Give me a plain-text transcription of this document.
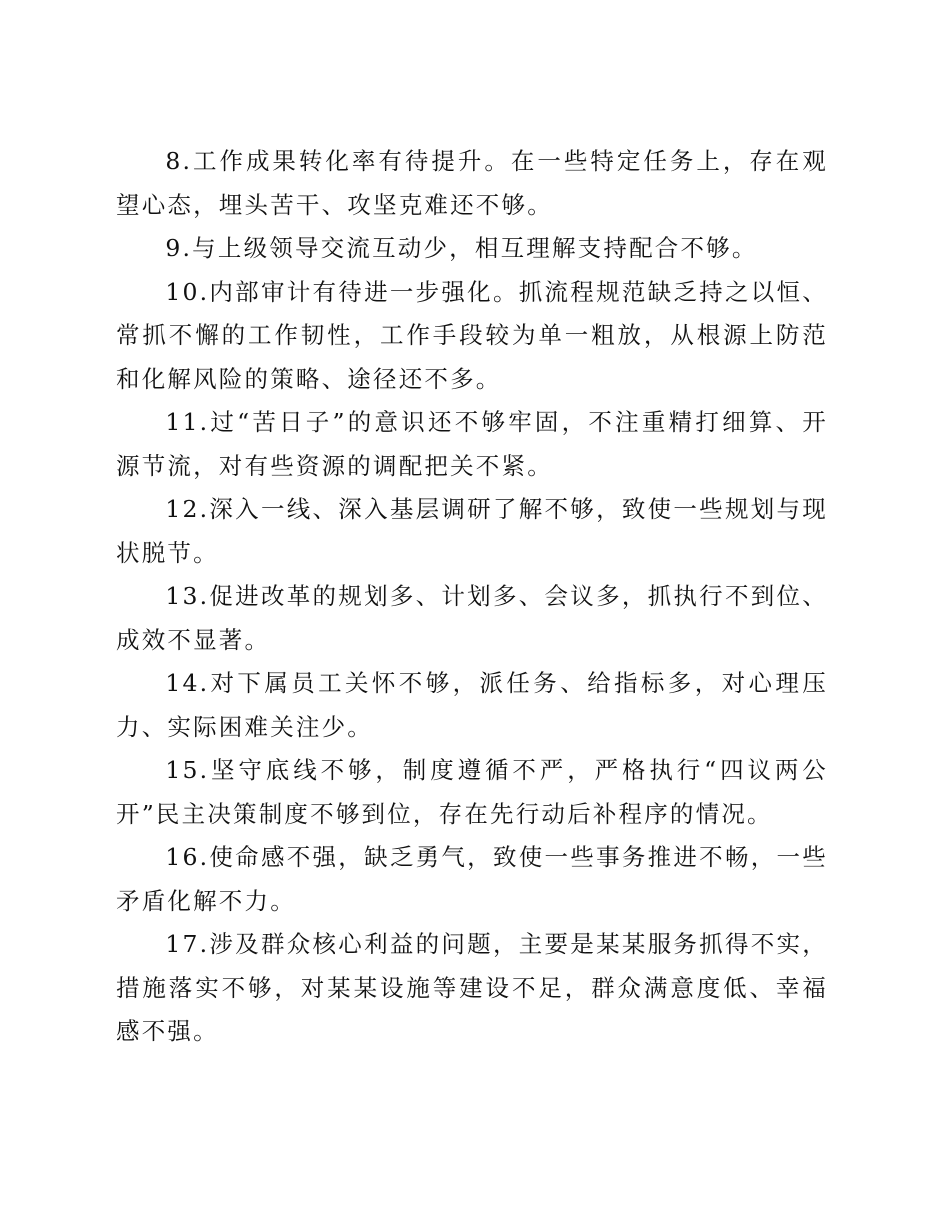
8.工作成果转化率有待提升。在一些特定任务上，存在观望心态，埋头苦干、攻坚克难还不够。

9.与上级领导交流互动少，相互理解支持配合不够。

10.内部审计有待进一步强化。抓流程规范缺乏持之以恒、常抓不懈的工作韧性，工作手段较为单一粗放，从根源上防范和化解风险的策略、途径还不多。

11.过“苦日子”的意识还不够牢固，不注重精打细算、开源节流，对有些资源的调配把关不紧。

12.深入一线、深入基层调研了解不够，致使一些规划与现状脱节。

13.促进改革的规划多、计划多、会议多，抓执行不到位、成效不显著。

14.对下属员工关怀不够，派任务、给指标多，对心理压力、实际困难关注少。

15.坚守底线不够，制度遵循不严，严格执行“四议两公开”民主决策制度不够到位，存在先行动后补程序的情况。

16.使命感不强，缺乏勇气，致使一些事务推进不畅，一些矛盾化解不力。

17.涉及群众核心利益的问题，主要是某某服务抓得不实，措施落实不够，对某某设施等建设不足，群众满意度低、幸福感不强。
